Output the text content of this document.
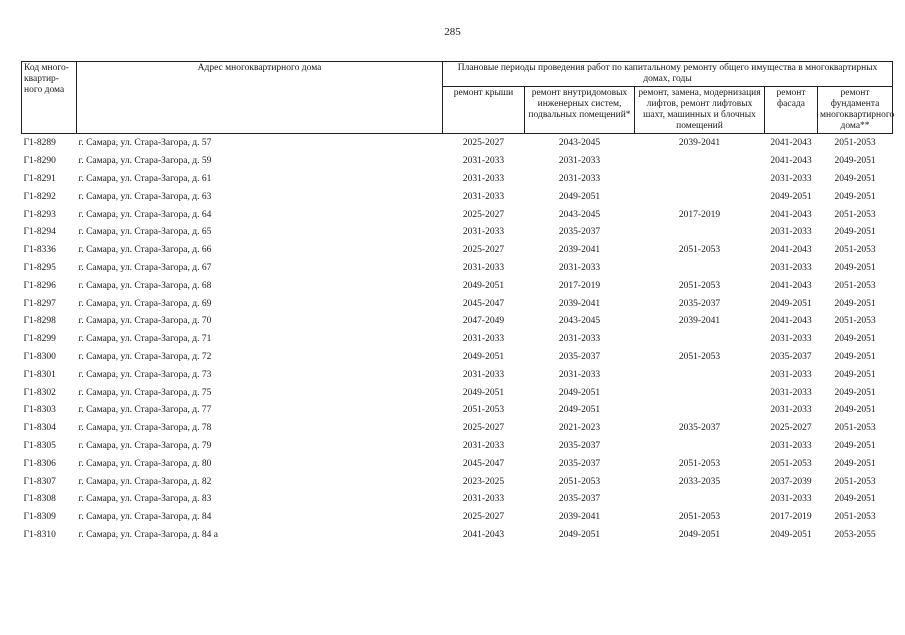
285
Код много-квартир-ного дома	Адрес многоквартирного дома	Плановые периоды проведения работ по капитальному ремонту общего имущества в многоквартирных домах, годы				
		ремонт крыши	ремонт внутридомовых инженерных систем, подвальных помещений*	ремонт, замена, модернизация лифтов, ремонт лифтовых шахт, машинных и блочных помещений	ремонт фасада	ремонт фундамента многоквартирного дома**
Г1-8289	г. Самара, ул. Стара-Загора, д. 57	2025-2027	2043-2045	2039-2041	2041-2043	2051-2053
Г1-8290	г. Самара, ул. Стара-Загора, д. 59	2031-2033	2031-2033		2041-2043	2049-2051
Г1-8291	г. Самара, ул. Стара-Загора, д. 61	2031-2033	2031-2033		2031-2033	2049-2051
Г1-8292	г. Самара, ул. Стара-Загора, д. 63	2031-2033	2049-2051		2049-2051	2049-2051
Г1-8293	г. Самара, ул. Стара-Загора, д. 64	2025-2027	2043-2045	2017-2019	2041-2043	2051-2053
Г1-8294	г. Самара, ул. Стара-Загора, д. 65	2031-2033	2035-2037		2031-2033	2049-2051
Г1-8336	г. Самара, ул. Стара-Загора, д. 66	2025-2027	2039-2041	2051-2053	2041-2043	2051-2053
Г1-8295	г. Самара, ул. Стара-Загора, д. 67	2031-2033	2031-2033		2031-2033	2049-2051
Г1-8296	г. Самара, ул. Стара-Загора, д. 68	2049-2051	2017-2019	2051-2053	2041-2043	2051-2053
Г1-8297	г. Самара, ул. Стара-Загора, д. 69	2045-2047	2039-2041	2035-2037	2049-2051	2049-2051
Г1-8298	г. Самара, ул. Стара-Загора, д. 70	2047-2049	2043-2045	2039-2041	2041-2043	2051-2053
Г1-8299	г. Самара, ул. Стара-Загора, д. 71	2031-2033	2031-2033		2031-2033	2049-2051
Г1-8300	г. Самара, ул. Стара-Загора, д. 72	2049-2051	2035-2037	2051-2053	2035-2037	2049-2051
Г1-8301	г. Самара, ул. Стара-Загора, д. 73	2031-2033	2031-2033		2031-2033	2049-2051
Г1-8302	г. Самара, ул. Стара-Загора, д. 75	2049-2051	2049-2051		2031-2033	2049-2051
Г1-8303	г. Самара, ул. Стара-Загора, д. 77	2051-2053	2049-2051		2031-2033	2049-2051
Г1-8304	г. Самара, ул. Стара-Загора, д. 78	2025-2027	2021-2023	2035-2037	2025-2027	2051-2053
Г1-8305	г. Самара, ул. Стара-Загора, д. 79	2031-2033	2035-2037		2031-2033	2049-2051
Г1-8306	г. Самара, ул. Стара-Загора, д. 80	2045-2047	2035-2037	2051-2053	2051-2053	2049-2051
Г1-8307	г. Самара, ул. Стара-Загора, д. 82	2023-2025	2051-2053	2033-2035	2037-2039	2051-2053
Г1-8308	г. Самара, ул. Стара-Загора, д. 83	2031-2033	2035-2037		2031-2033	2049-2051
Г1-8309	г. Самара, ул. Стара-Загора, д. 84	2025-2027	2039-2041	2051-2053	2017-2019	2051-2053
Г1-8310	г. Самара, ул. Стара-Загора, д. 84 а	2041-2043	2049-2051	2049-2051	2049-2051	2053-2055
